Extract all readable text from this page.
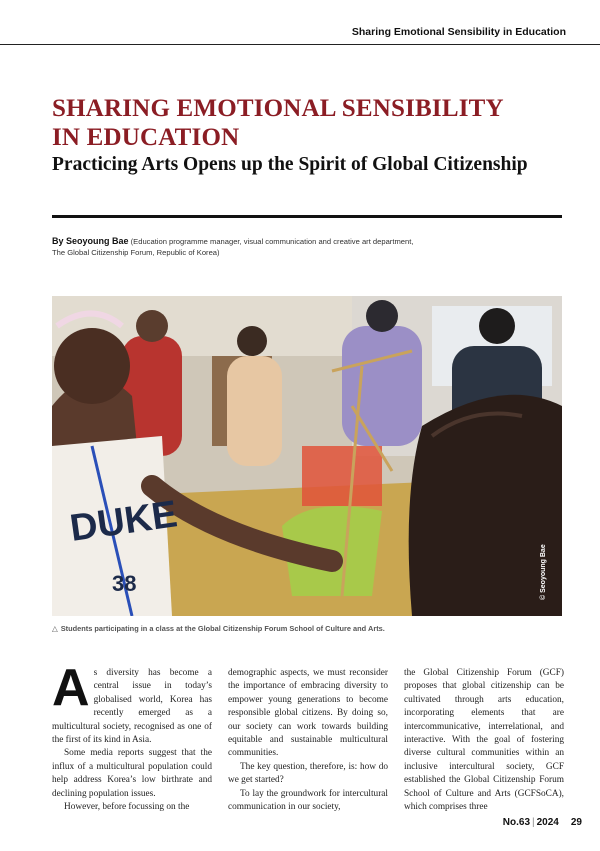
Sharing Emotional Sensibility in Education
SHARING EMOTIONAL SENSIBILITY
IN EDUCATION
Practicing Arts Opens up the Spirit of Global Citizenship
By Seoyoung Bae (Education programme manager, visual communication and creative art department,
The Global Citizenship Forum, Republic of Korea)
DUKE
38	© Seoyoung Bae
△ Students participating in a class at the Global Citizenship Forum School of Culture and Arts.

As diversity has become a central issue in today’s globalised world, Korea has recently emerged as a multicultural society, recognised as one of the first of its kind in Asia.

Some media reports suggest that the influx of a multicultural population could help address Korea’s low birthrate and declining population issues.

However, before focussing on the

demographic aspects, we must reconsider the importance of embracing diversity to empower young generations to become responsible global citizens. By doing so, our society can work towards building equitable and sustainable multicultural communities.

The key question, therefore, is: how do we get started?

To lay the groundwork for intercultural communication in our society,

the Global Citizenship Forum (GCF) proposes that global citizenship can be cultivated through arts education, incorporating elements that are intercommunicative, interrelational, and interactive. With the goal of fostering diverse cultural communities within an inclusive intercultural society, GCF established the Global Citizenship Forum School of Culture and Arts (GCFSoCA), which comprises three

No.63 | 2024 29
